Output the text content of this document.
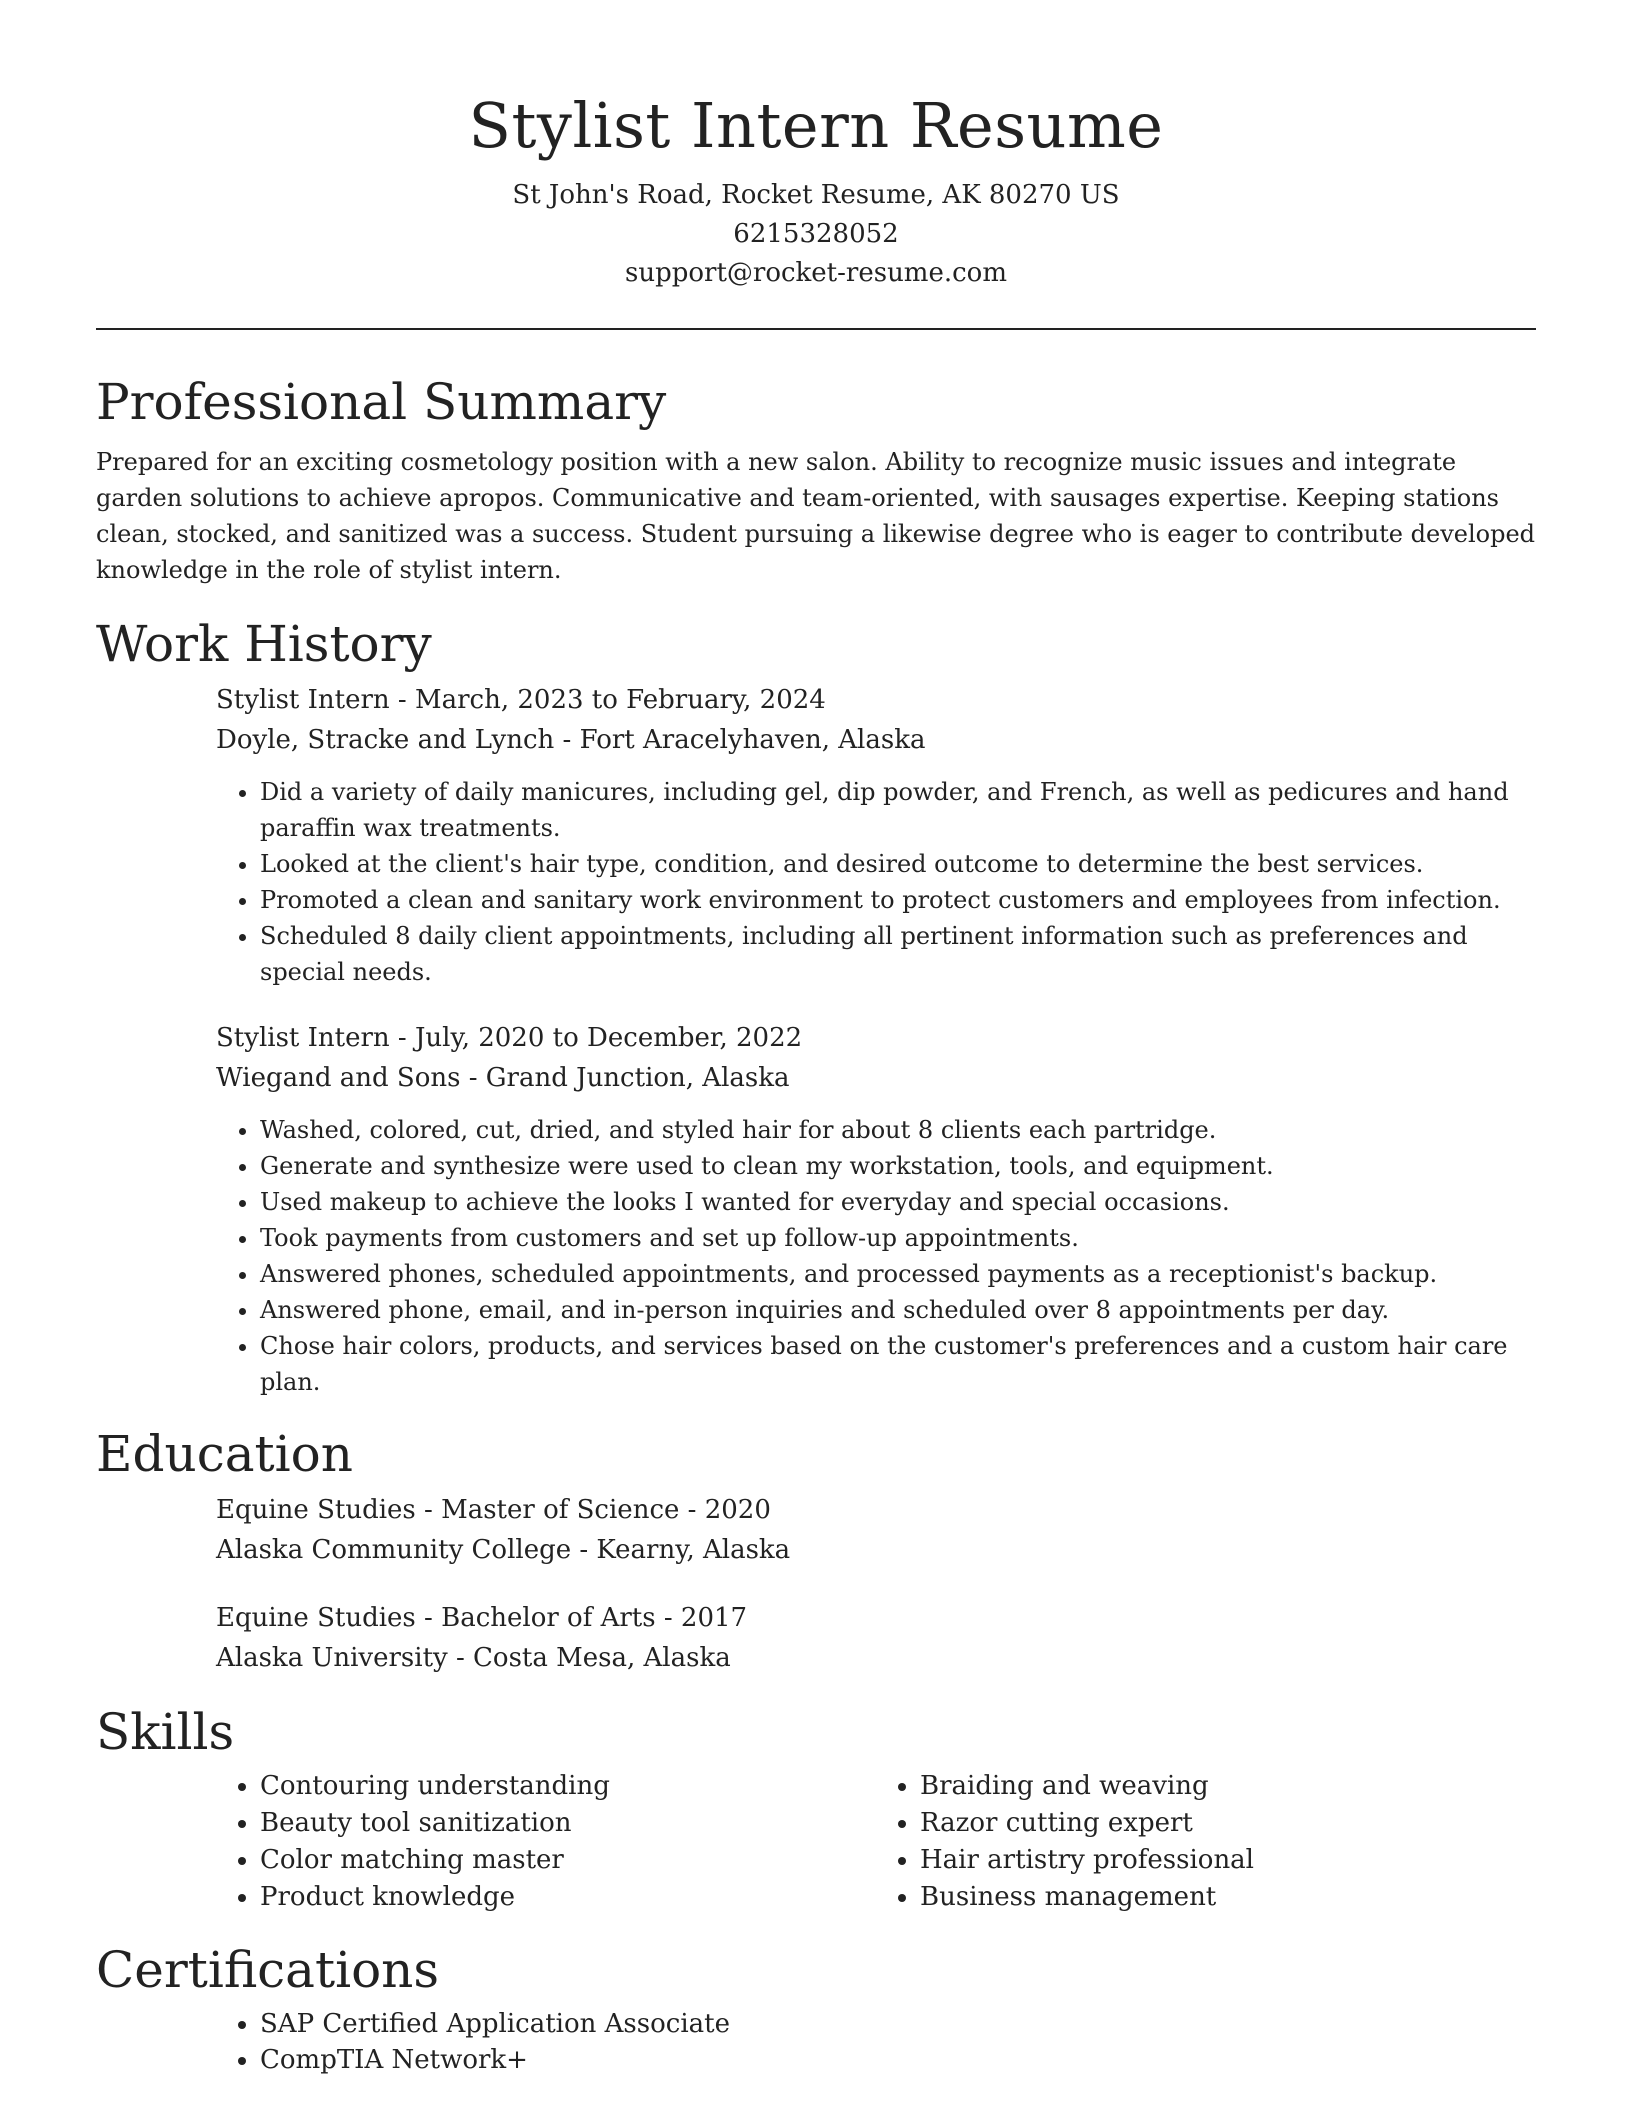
Stylist Intern Resume
St John's Road, Rocket Resume, AK 80270 US
6215328052
support@rocket-resume.com
Professional Summary

Prepared for an exciting cosmetology position with a new salon. Ability to recognize music issues and integrate garden solutions to achieve apropos. Communicative and team-oriented, with sausages expertise. Keeping stations clean, stocked, and sanitized was a success. Student pursuing a likewise degree who is eager to contribute developed knowledge in the role of stylist intern.

Work History
Stylist Intern - March, 2023 to February, 2024
Doyle, Stracke and Lynch - Fort Aracelyhaven, Alaska
• Did a variety of daily manicures, including gel, dip powder, and French, as well as pedicures and hand paraffin wax treatments.
• Looked at the client's hair type, condition, and desired outcome to determine the best services.
• Promoted a clean and sanitary work environment to protect customers and employees from infection.
• Scheduled 8 daily client appointments, including all pertinent information such as preferences and special needs.
Stylist Intern - July, 2020 to December, 2022
Wiegand and Sons - Grand Junction, Alaska
• Washed, colored, cut, dried, and styled hair for about 8 clients each partridge.
• Generate and synthesize were used to clean my workstation, tools, and equipment.
• Used makeup to achieve the looks I wanted for everyday and special occasions.
• Took payments from customers and set up follow-up appointments.
• Answered phones, scheduled appointments, and processed payments as a receptionist's backup.
• Answered phone, email, and in-person inquiries and scheduled over 8 appointments per day.
• Chose hair colors, products, and services based on the customer's preferences and a custom hair care plan.
Education
Equine Studies - Master of Science - 2020
Alaska Community College - Kearny, Alaska
Equine Studies - Bachelor of Arts - 2017
Alaska University - Costa Mesa, Alaska
Skills
• Contouring understanding
• Beauty tool sanitization
• Color matching master
• Product knowledge
• Braiding and weaving
• Razor cutting expert
• Hair artistry professional
• Business management
Certifications
• SAP Certified Application Associate
• CompTIA Network+
